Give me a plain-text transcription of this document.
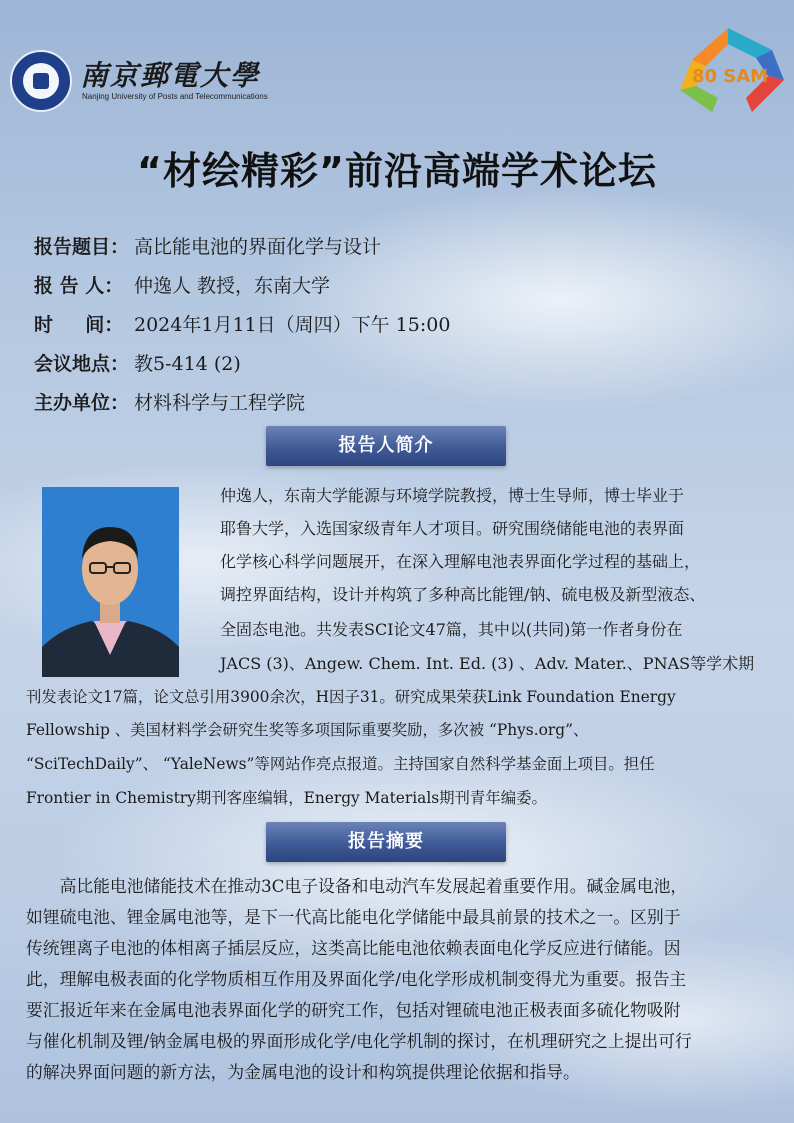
南京郵電大學
Nanjing University of Posts and Telecommunications
80 SAM
“材绘精彩”前沿高端学术论坛
报告题目： 高比能电池的界面化学与设计
报 告 人： 仲逸人 教授，东南大学
时 　 间： 2024年1月11日（周四）下午 15:00
会议地点： 教5-414 (2)
主办单位： 材料科学与工程学院
报告人简介
仲逸人，东南大学能源与环境学院教授，博士生导师，博士毕业于
耶鲁大学，入选国家级青年人才项目。研究围绕储能电池的表界面
化学核心科学问题展开，在深入理解电池表界面化学过程的基础上，
调控界面结构，设计并构筑了多种高比能锂/钠、硫电极及新型液态、
全固态电池。共发表SCI论文47篇，其中以(共同)第一作者身份在
JACS (3)、Angew. Chem. Int. Ed. (3) 、Adv. Mater.、PNAS等学术期
刊发表论文17篇，论文总引用3900余次，H因子31。研究成果荣获Link Foundation Energy
Fellowship 、美国材料学会研究生奖等多项国际重要奖励，多次被 “Phys.org”、
“SciTechDaily”、 “YaleNews”等网站作亮点报道。主持国家自然科学基金面上项目。担任
Frontier in Chemistry期刊客座编辑，Energy Materials期刊青年编委。
报告摘要
　　高比能电池储能技术在推动3C电子设备和电动汽车发展起着重要作用。碱金属电池，
如锂硫电池、锂金属电池等，是下一代高比能电化学储能中最具前景的技术之一。区别于
传统锂离子电池的体相离子插层反应，这类高比能电池依赖表面电化学反应进行储能。因
此，理解电极表面的化学物质相互作用及界面化学/电化学形成机制变得尤为重要。报告主
要汇报近年来在金属电池表界面化学的研究工作，包括对锂硫电池正极表面多硫化物吸附
与催化机制及锂/钠金属电极的界面形成化学/电化学机制的探讨，在机理研究之上提出可行
的解决界面问题的新方法，为金属电池的设计和构筑提供理论依据和指导。
